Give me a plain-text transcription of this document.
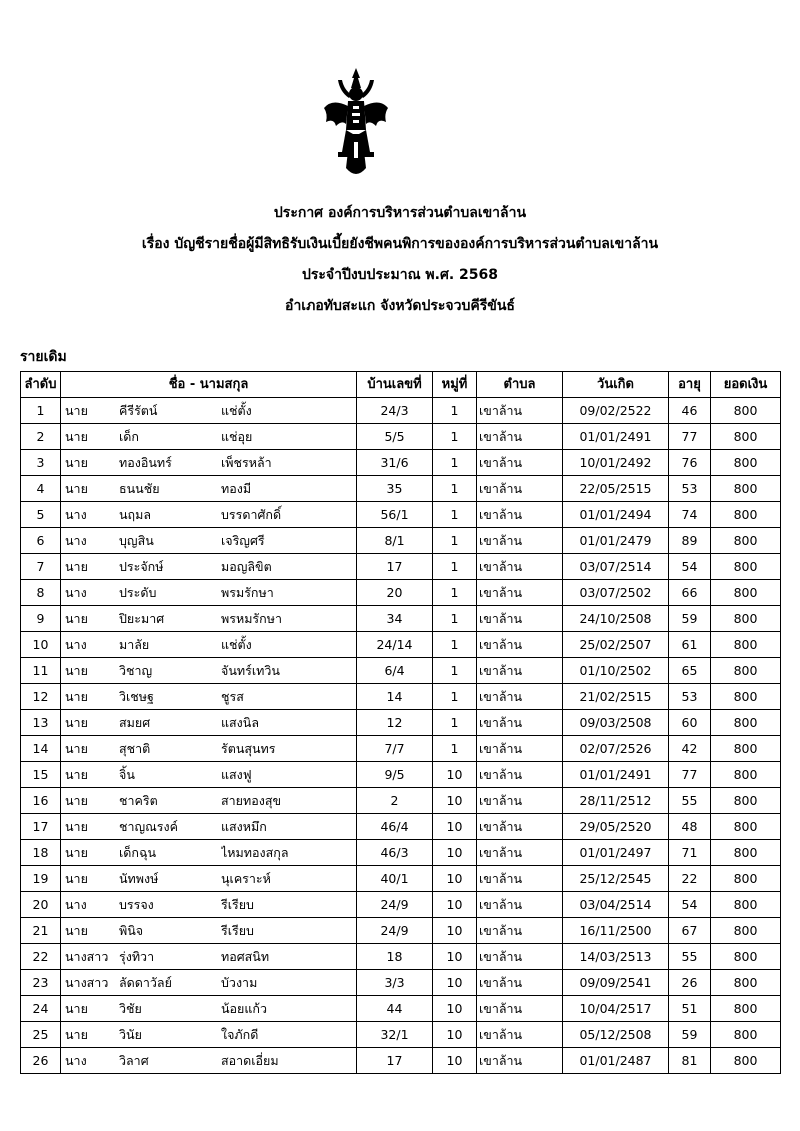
ประกาศ องค์การบริหารส่วนตำบลเขาล้าน
เรื่อง บัญชีรายชื่อผู้มีสิทธิรับเงินเบี้ยยังชีพคนพิการขององค์การบริหารส่วนตำบลเขาล้าน
ประจำปีงบประมาณ พ.ศ. 2568
อำเภอทับสะแก จังหวัดประจวบคีรีขันธ์
รายเดิม
ลำดับ	ชื่อ - นามสกุล	บ้านเลขที่	หมู่ที่	ตำบล	วันเกิด	อายุ	ยอดเงิน
1	นาย คีรีรัตน์ แช่ตั้ง	24/3	1	เขาล้าน	09/02/2522	46	800
2	นาย เด็ก แช่อุย	5/5	1	เขาล้าน	01/01/2491	77	800
3	นาย ทองอินทร์ เพ็ชรหล้า	31/6	1	เขาล้าน	10/01/2492	76	800
4	นาย ธนนชัย ทองมี	35	1	เขาล้าน	22/05/2515	53	800
5	นาง นฤมล บรรดาศักดิ์	56/1	1	เขาล้าน	01/01/2494	74	800
6	นาง บุญสิน เจริญศรี	8/1	1	เขาล้าน	01/01/2479	89	800
7	นาย ประจักษ์ มอญลิขิต	17	1	เขาล้าน	03/07/2514	54	800
8	นาง ประดับ พรมรักษา	20	1	เขาล้าน	03/07/2502	66	800
9	นาย ปิยะมาศ พรหมรักษา	34	1	เขาล้าน	24/10/2508	59	800
10	นาง มาลัย แช่ตั้ง	24/14	1	เขาล้าน	25/02/2507	61	800
11	นาย วิชาญ จันทร์เทวิน	6/4	1	เขาล้าน	01/10/2502	65	800
12	นาย วิเชษฐ ชูรส	14	1	เขาล้าน	21/02/2515	53	800
13	นาย สมยศ แสงนิล	12	1	เขาล้าน	09/03/2508	60	800
14	นาย สุชาติ รัตนสุนทร	7/7	1	เขาล้าน	02/07/2526	42	800
15	นาย จิ้น แสงฟู	9/5	10	เขาล้าน	01/01/2491	77	800
16	นาย ชาคริต สายทองสุข	2	10	เขาล้าน	28/11/2512	55	800
17	นาย ชาญณรงค์ แสงหมึก	46/4	10	เขาล้าน	29/05/2520	48	800
18	นาย เด็กฉุน ไหมทองสกุล	46/3	10	เขาล้าน	01/01/2497	71	800
19	นาย นัทพงษ์ นุเคราะห์	40/1	10	เขาล้าน	25/12/2545	22	800
20	นาง บรรจง รีเรียบ	24/9	10	เขาล้าน	03/04/2514	54	800
21	นาย พินิจ รีเรียบ	24/9	10	เขาล้าน	16/11/2500	67	800
22	นางสาว รุ่งทิวา ทอศสนิท	18	10	เขาล้าน	14/03/2513	55	800
23	นางสาว ลัดดาวัลย์ บัวงาม	3/3	10	เขาล้าน	09/09/2541	26	800
24	นาย วิชัย น้อยแก้ว	44	10	เขาล้าน	10/04/2517	51	800
25	นาย วินัย ใจภักดี	32/1	10	เขาล้าน	05/12/2508	59	800
26	นาง วิลาศ สอาดเอี่ยม	17	10	เขาล้าน	01/01/2487	81	800
